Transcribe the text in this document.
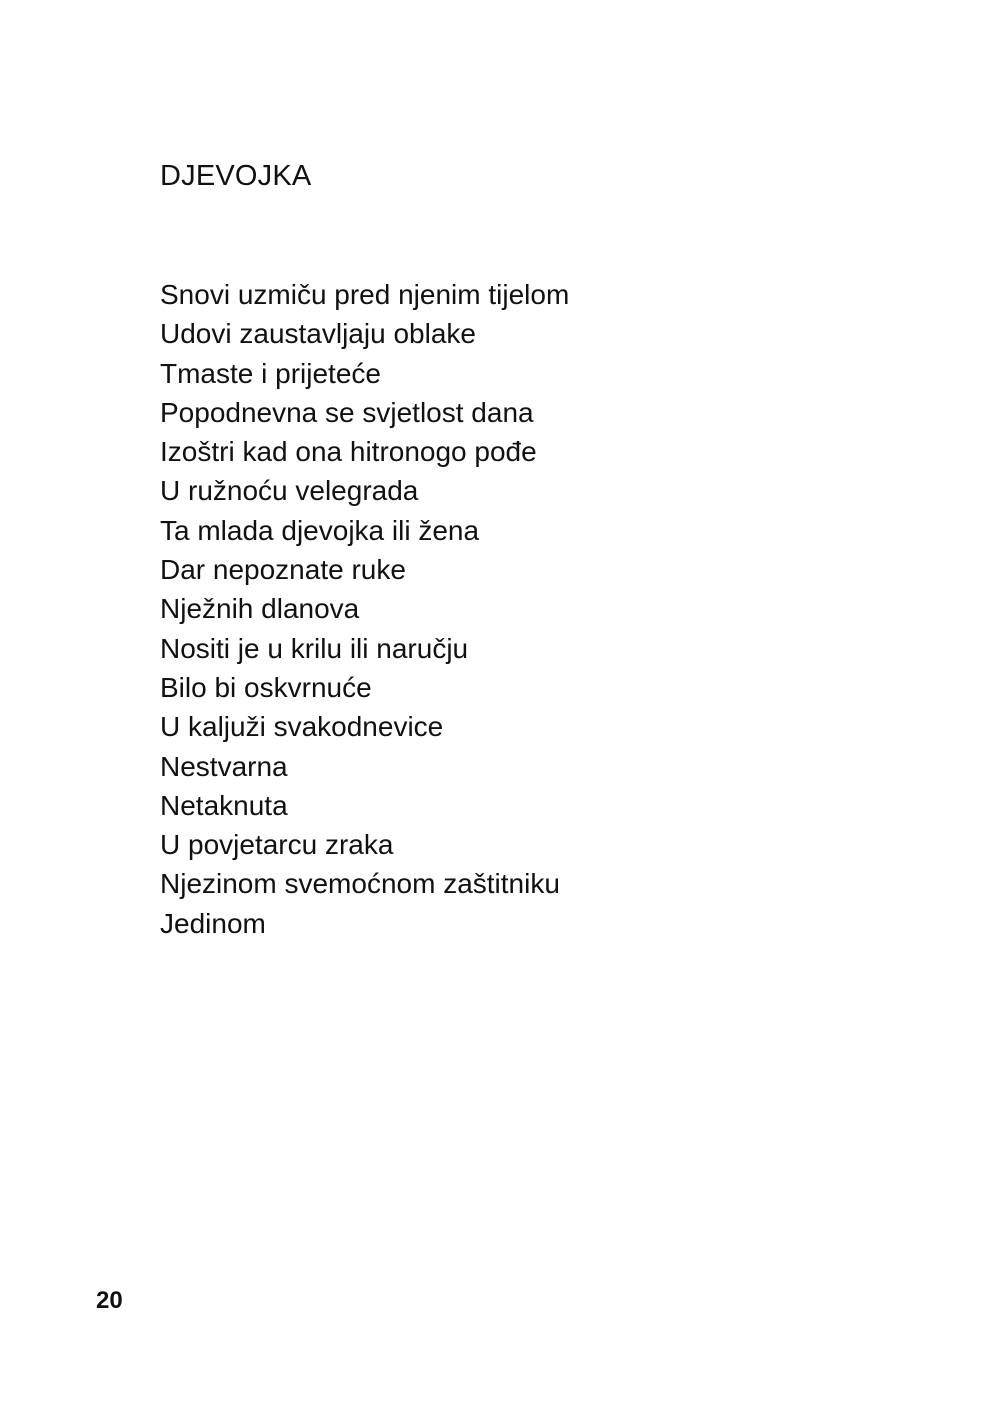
DJEVOJKA
Snovi uzmiču pred njenim tijelom
Udovi zaustavljaju oblake
Tmaste i prijeteće
Popodnevna se svjetlost dana
Izoštri kad ona hitronogo pođe
U ružnoću velegrada
Ta mlada djevojka ili žena
Dar nepoznate ruke
Nježnih dlanova
Nositi je u krilu ili naručju
Bilo bi oskvrnuće
U kaljuži svakodnevice
Nestvarna
Netaknuta
U povjetarcu zraka
Njezinom svemoćnom zaštitniku
Jedinom
20
